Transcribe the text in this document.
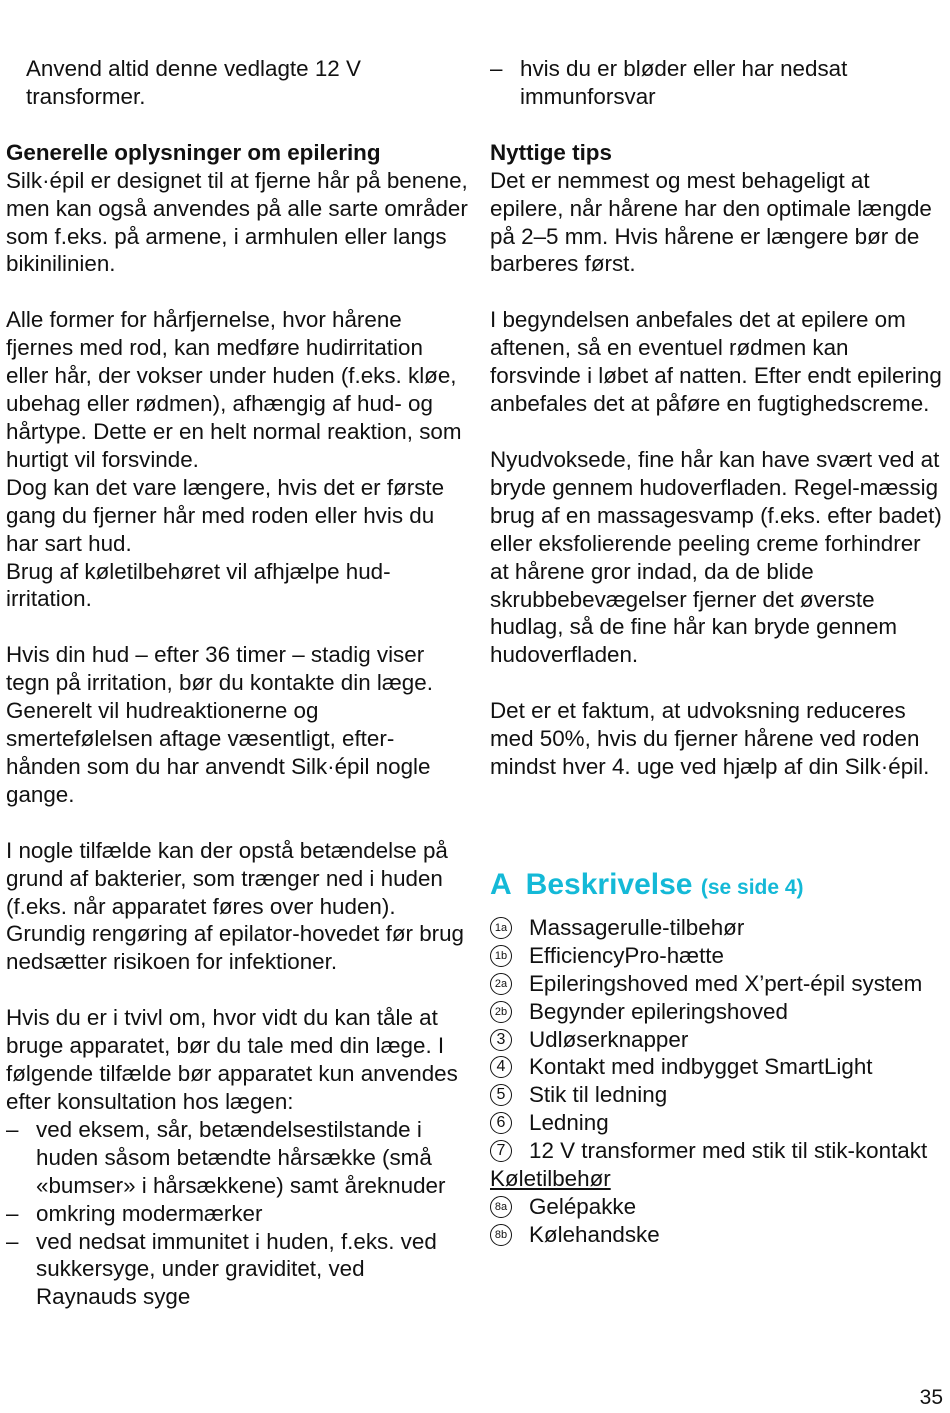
Anvend altid denne vedlagte 12 V transformer.

Generelle oplysninger om epilering

Silk·épil er designet til at fjerne hår på benene, men kan også anvendes på alle sarte områder som f.eks. på armene, i armhulen eller langs bikinilinien.

Alle former for hårfjernelse, hvor hårene fjernes med rod, kan medføre hudirritation eller hår, der vokser under huden (f.eks. kløe, ubehag eller rødmen), afhængig af hud- og hårtype. Dette er en helt normal reaktion, som hurtigt vil forsvinde.

Dog kan det vare længere, hvis det er første gang du fjerner hår med roden eller hvis du har sart hud.

Brug af køletilbehøret vil afhjælpe hud-irritation.

Hvis din hud – efter 36 timer – stadig viser tegn på irritation, bør du kontakte din læge. Generelt vil hudreaktionerne og smertefølelsen aftage væsentligt, efter-hånden som du har anvendt Silk·épil nogle gange.

I nogle tilfælde kan der opstå betændelse på grund af bakterier, som trænger ned i huden (f.eks. når apparatet føres over huden). Grundig rengøring af epilator-hovedet før brug nedsætter risikoen for infektioner.

Hvis du er i tvivl om, hvor vidt du kan tåle at bruge apparatet, bør du tale med din læge. I følgende tilfælde bør apparatet kun anvendes efter konsultation hos lægen:

– ved eksem, sår, betændelsestilstande i huden såsom betændte hårsække (små «bumser» i hårsækkene) samt åreknuder
– omkring modermærker
– ved nedsat immunitet i huden, f.eks. ved sukkersyge, under graviditet, ved Raynauds syge
– hvis du er bløder eller har nedsat immunforsvar

Nyttige tips

Det er nemmest og mest behageligt at epilere, når hårene har den optimale længde på 2–5 mm. Hvis hårene er længere bør de barberes først.

I begyndelsen anbefales det at epilere om aftenen, så en eventuel rødmen kan forsvinde i løbet af natten. Efter endt epilering anbefales det at påføre en fugtighedscreme.

Nyudvoksede, fine hår kan have svært ved at bryde gennem hudoverfladen. Regel-mæssig brug af en massagesvamp (f.eks. efter badet) eller eksfolierende peeling creme forhindrer at hårene gror indad, da de blide skrubbebevægelser fjerner det øverste hudlag, så de fine hår kan bryde gennem hudoverfladen.

Det er et faktum, at udvoksning reduceres med 50%, hvis du fjerner hårene ved roden mindst hver 4. uge ved hjælp af din Silk·épil.

A Beskrivelse (se side 4)
1a Massagerulle-tilbehør
1b EfficiencyPro-hætte
2a Epileringshoved med X’pert-épil system
2b Begynder epileringshoved
3 Udløserknapper
4 Kontakt med indbygget SmartLight
5 Stik til ledning
6 Ledning
7 12 V transformer med stik til stik-kontakt
Køletilbehør
8a Gelépakke
8b Kølehandske
35
